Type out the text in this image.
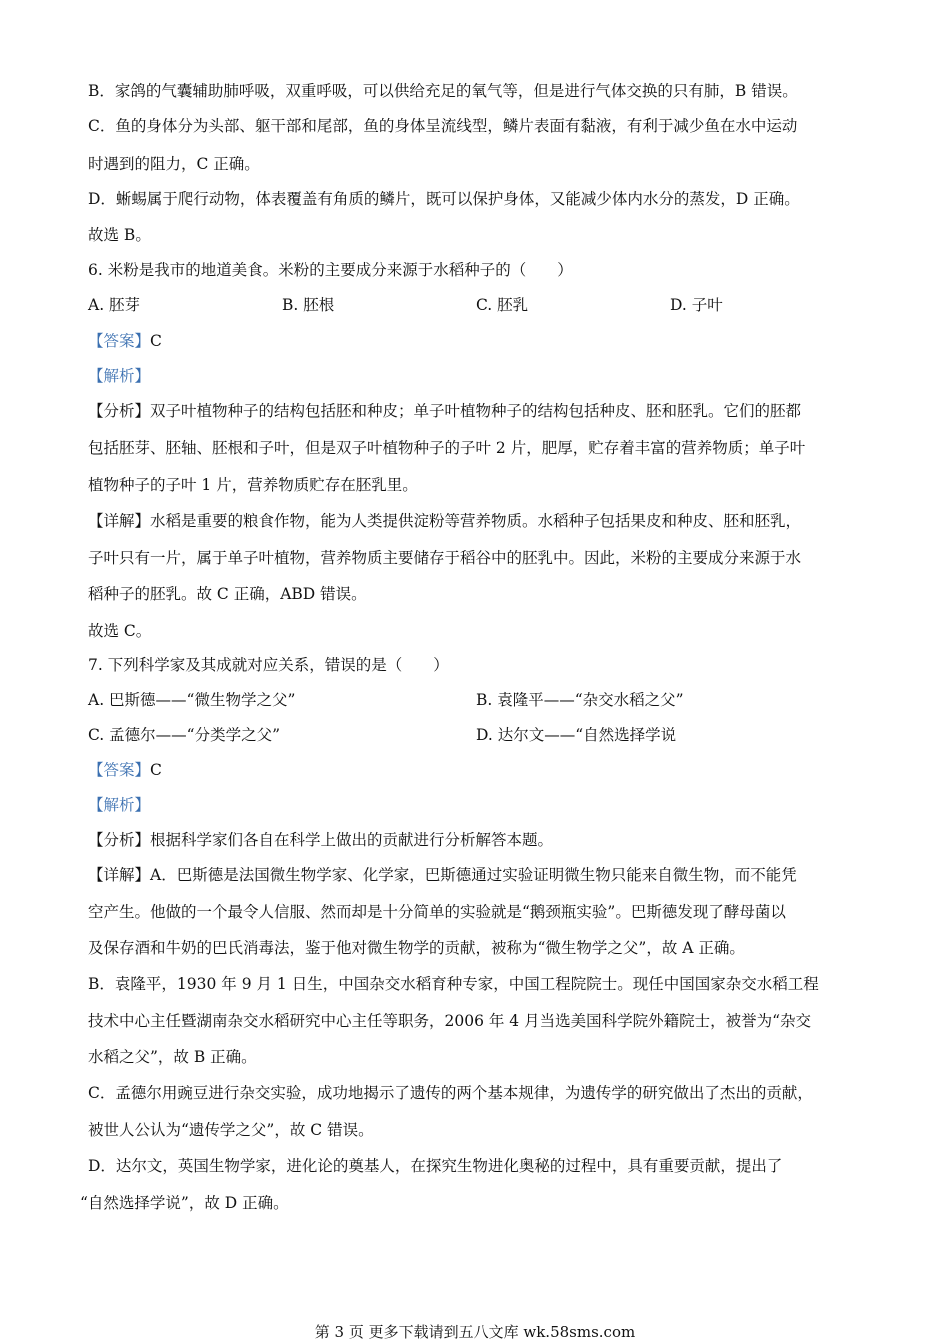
B．家鸽的气囊辅助肺呼吸，双重呼吸，可以供给充足的氧气等，但是进行气体交换的只有肺，B 错误。
C．鱼的身体分为头部、躯干部和尾部，鱼的身体呈流线型，鳞片表面有黏液，有利于减少鱼在水中运动
时遇到的阻力，C 正确。
D．蜥蜴属于爬行动物，体表覆盖有角质的鳞片，既可以保护身体，又能减少体内水分的蒸发，D 正确。
故选 B。
6. 米粉是我市的地道美食。米粉的主要成分来源于水稻种子的（　　）
A. 胚芽	B. 胚根	C. 胚乳	D. 子叶
【答案】C
【解析】
【分析】双子叶植物种子的结构包括胚和种皮；单子叶植物种子的结构包括种皮、胚和胚乳。它们的胚都
包括胚芽、胚轴、胚根和子叶，但是双子叶植物种子的子叶 2 片，肥厚，贮存着丰富的营养物质；单子叶
植物种子的子叶 1 片，营养物质贮存在胚乳里。
【详解】水稻是重要的粮食作物，能为人类提供淀粉等营养物质。水稻种子包括果皮和种皮、胚和胚乳，
子叶只有一片，属于单子叶植物，营养物质主要储存于稻谷中的胚乳中。因此，米粉的主要成分来源于水
稻种子的胚乳。故 C 正确，ABD 错误。
故选 C。
7. 下列科学家及其成就对应关系，错误的是（　　）
A. 巴斯德——“微生物学之父”	B. 袁隆平——“杂交水稻之父”
C. 孟德尔——“分类学之父”	D. 达尔文——“自然选择学说
【答案】C
【解析】
【分析】根据科学家们各自在科学上做出的贡献进行分析解答本题。
【详解】A．巴斯德是法国微生物学家、化学家，巴斯德通过实验证明微生物只能来自微生物，而不能凭
空产生。他做的一个最令人信服、然而却是十分简单的实验就是“鹅颈瓶实验”。巴斯德发现了酵母菌以
及保存酒和牛奶的巴氏消毒法，鉴于他对微生物学的贡献，被称为“微生物学之父”，故 A 正确。
B．袁隆平，1930 年 9 月 1 日生，中国杂交水稻育种专家，中国工程院院士。现任中国国家杂交水稻工程
技术中心主任暨湖南杂交水稻研究中心主任等职务，2006 年 4 月当选美国科学院外籍院士，被誉为“杂交
水稻之父”，故 B 正确。
C．孟德尔用豌豆进行杂交实验，成功地揭示了遗传的两个基本规律，为遗传学的研究做出了杰出的贡献，
被世人公认为“遗传学之父”，故 C 错误。
D．达尔文，英国生物学家，进化论的奠基人，在探究生物进化奥秘的过程中，具有重要贡献，提出了
“自然选择学说”，故 D 正确。
第 3 页 更多下载请到五八文库 wk.58sms.com
